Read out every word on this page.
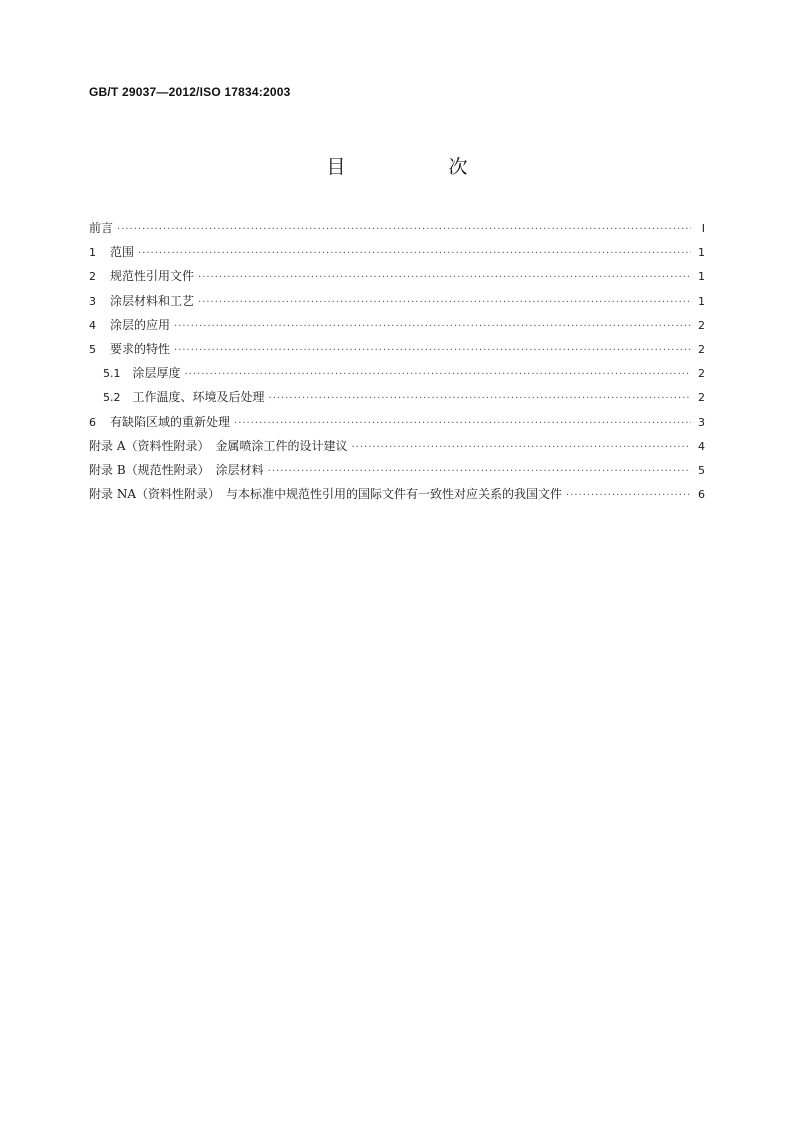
GB/T 29037—2012/ISO 17834:2003
目　次
前言 ·····	Ⅰ
1 范围 ·····	1
2 规范性引用文件 ·····	1
3 涂层材料和工艺 ·····	1
4 涂层的应用 ·····	2
5 要求的特性 ·····	2
5.1 涂层厚度 ·····	2
5.2 工作温度、环境及后处理 ·····	2
6 有缺陷区域的重新处理 ·····	3
附录 A（资料性附录）　金属喷涂工件的设计建议 ·····	4
附录 B（规范性附录）　涂层材料 ·····	5
附录 NA（资料性附录）　与本标准中规范性引用的国际文件有一致性对应关系的我国文件 ·····	6
